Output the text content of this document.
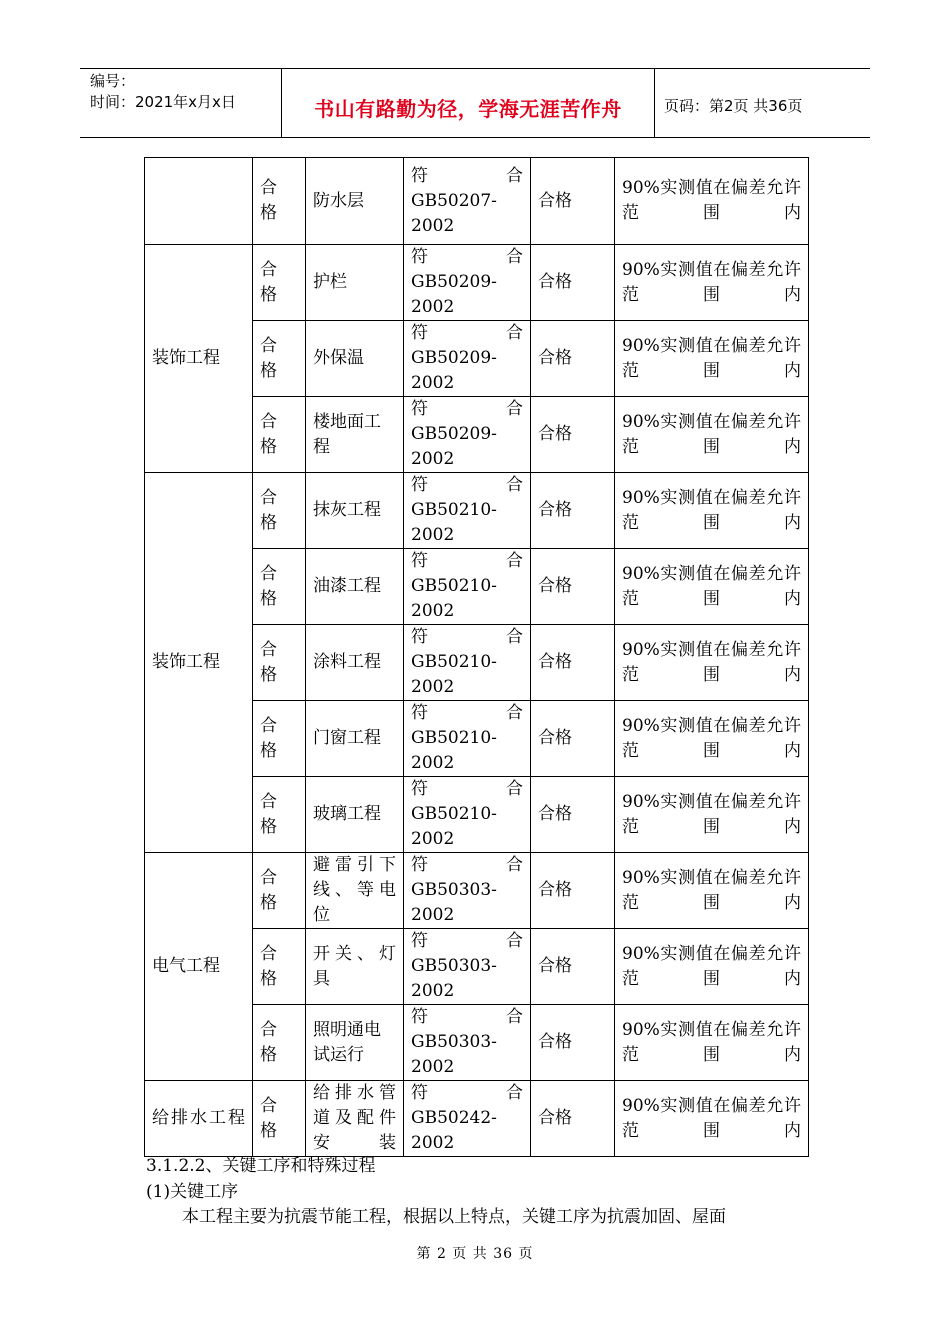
编号：
时间：2021年x月x日	书山有路勤为径，学海无涯苦作舟	页码：第2页 共36页

	合格	防水层	符 合
GB50207-
2002	合格	90%实测值在偏差允许范围内
装饰工程	合格	护栏	符 合
GB50209-
2002	合格	90%实测值在偏差允许范围内

	合格	外保温	符 合
GB50209-
2002	合格	90%实测值在偏差允许范围内

	合格	楼地面工程	符 合
GB50209-
2002	合格	90%实测值在偏差允许范围内
装饰工程	合格	抹灰工程	符 合
GB50210-
2002	合格	90%实测值在偏差允许范围内

	合格	油漆工程	符 合
GB50210-
2002	合格	90%实测值在偏差允许范围内

	合格	涂料工程	符 合
GB50210-
2002	合格	90%实测值在偏差允许范围内

	合格	门窗工程	符 合
GB50210-
2002	合格	90%实测值在偏差允许范围内

	合格	玻璃工程	符 合
GB50210-
2002	合格	90%实测值在偏差允许范围内
电气工程	合格	避雷引下线、等电位	符 合
GB50303-
2002	合格	90%实测值在偏差允许范围内

	合格	开关、灯具	符 合
GB50303-
2002	合格	90%实测值在偏差允许范围内

	合格	照明通电试运行	符 合
GB50303-
2002	合格	90%实测值在偏差允许范围内
给排水工程	合格	给排水管道及配件安装	符 合
GB50242-
2002	合格	90%实测值在偏差允许范围内
3.1.2.2、关键工序和特殊过程
(1)关键工序
本工程主要为抗震节能工程，根据以上特点，关键工序为抗震加固、屋面
第 2 页 共 36 页
